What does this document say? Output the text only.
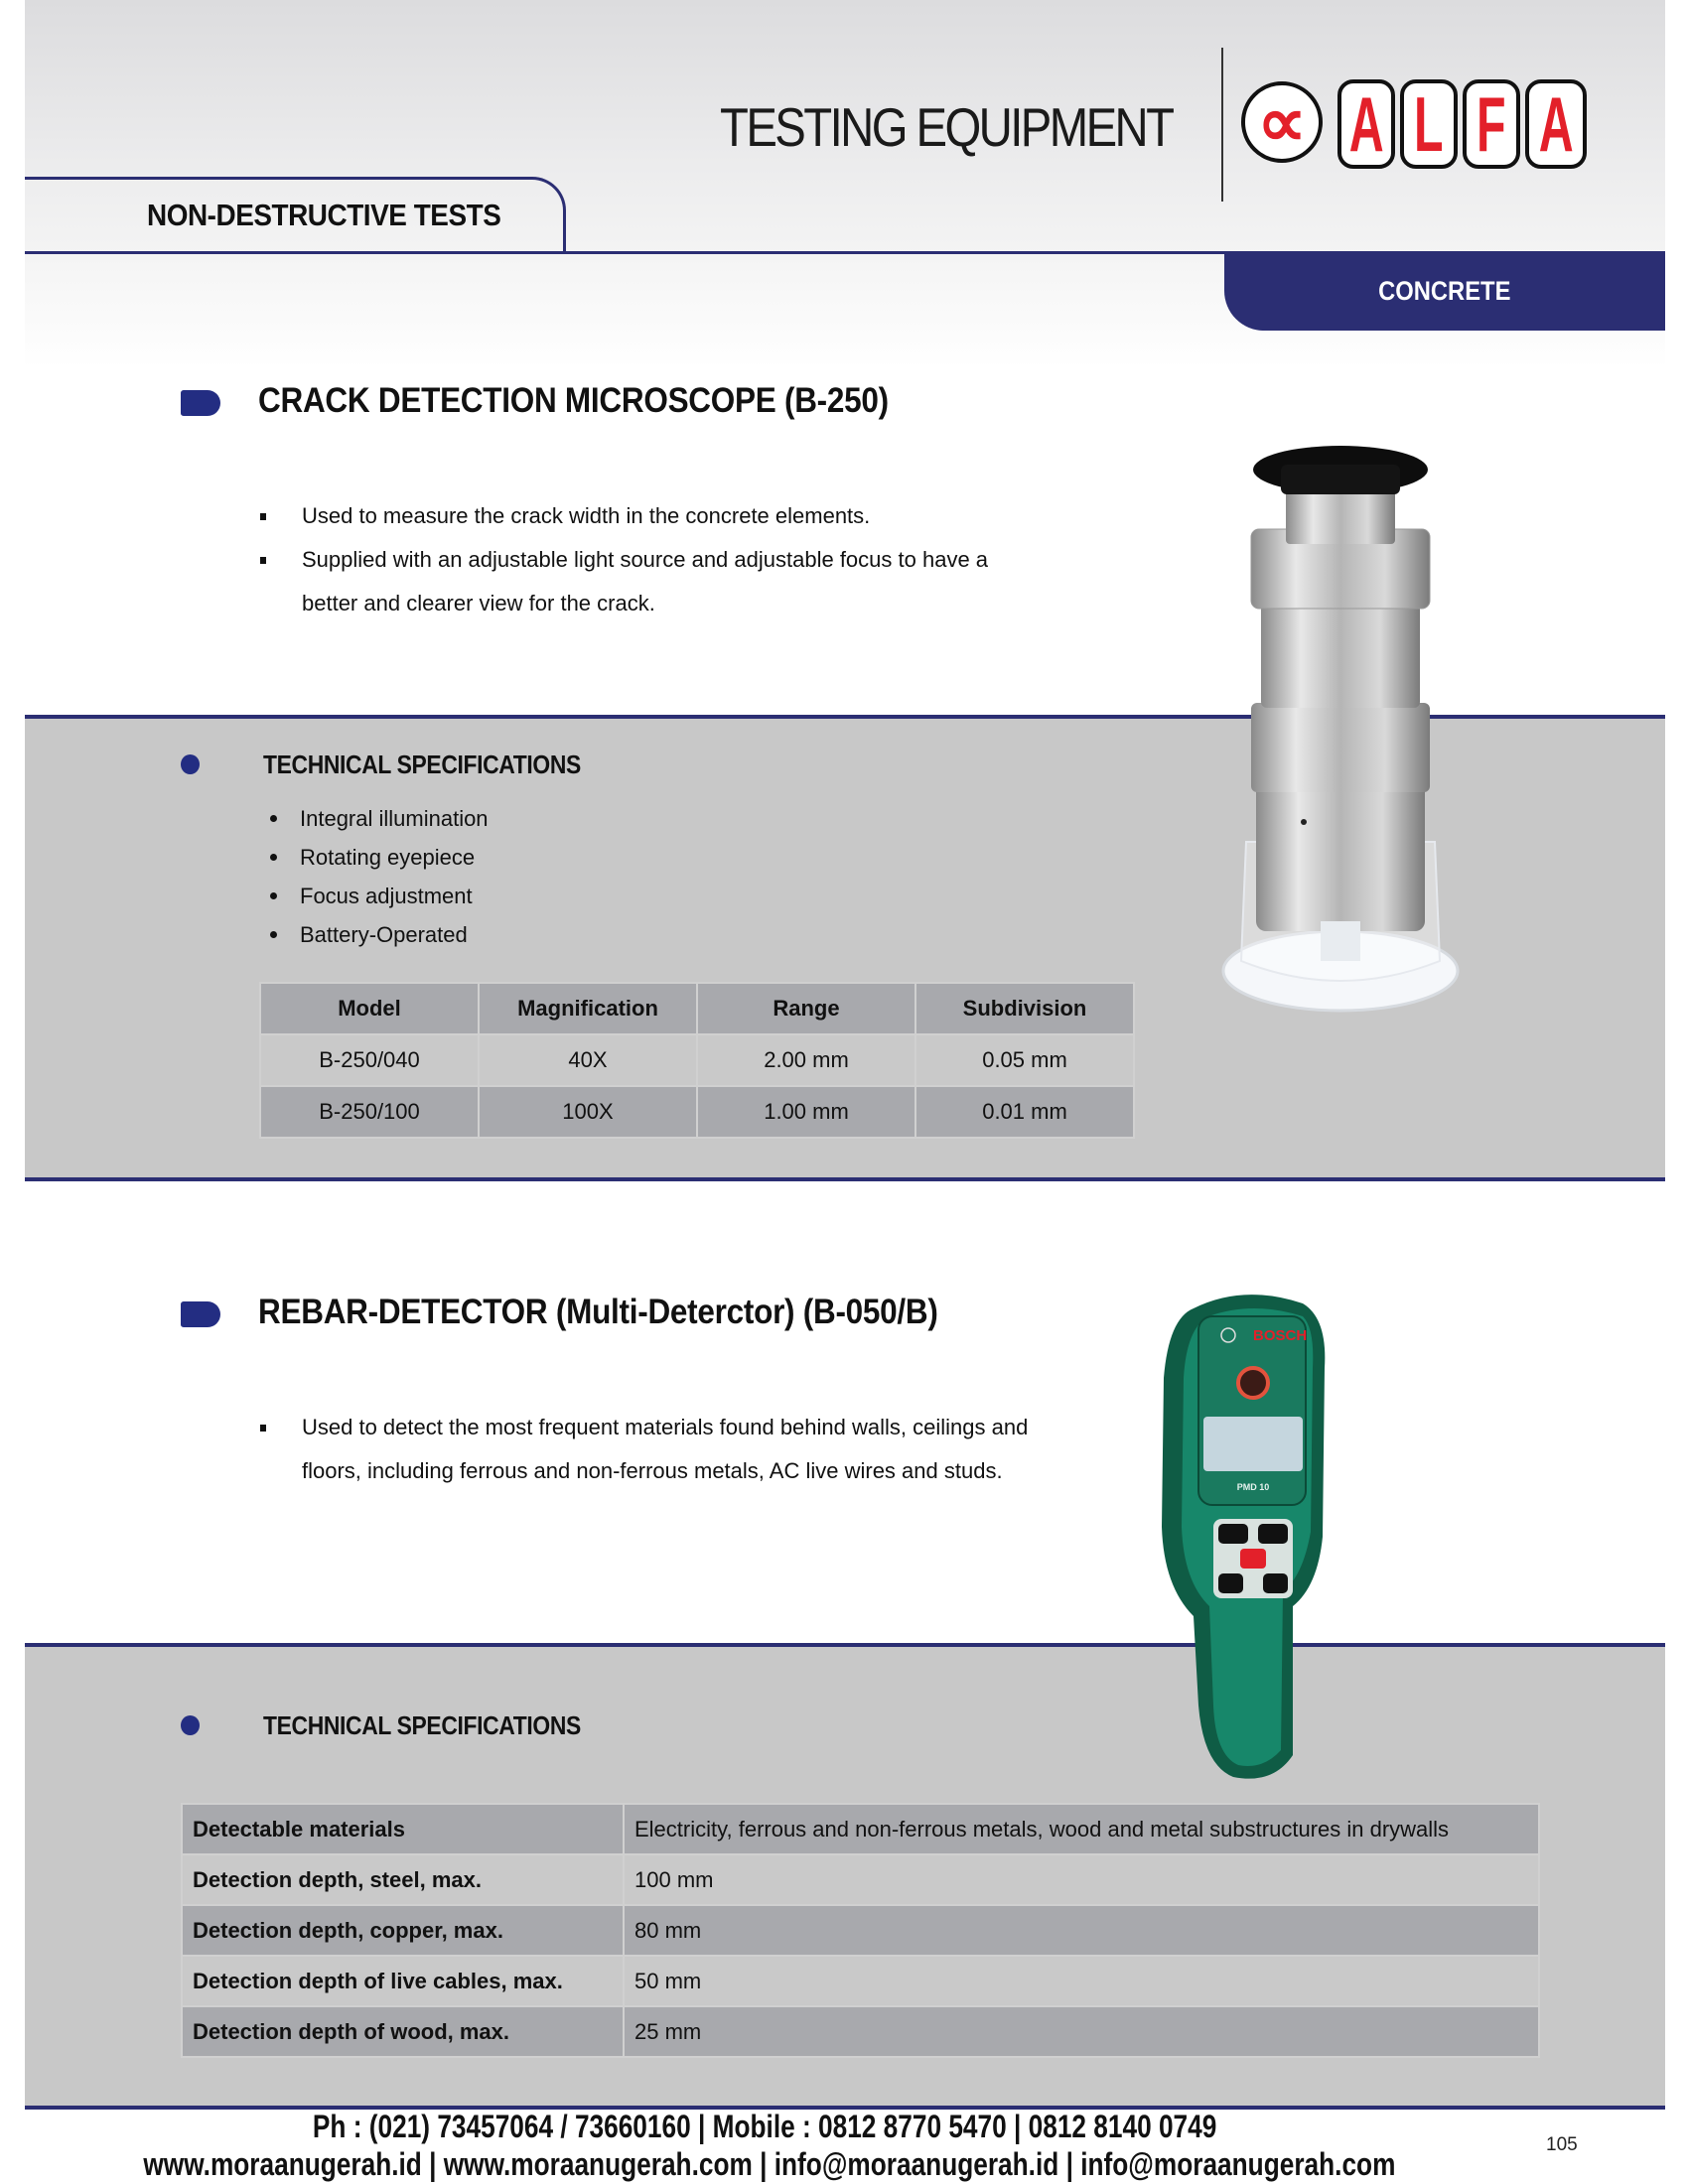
TESTING EQUIPMENT ∝ A L F A
NON-DESTRUCTIVE TESTS
CONCRETE
CRACK DETECTION MICROSCOPE (B-250)
Used to measure the crack width in the concrete elements.
Supplied with an adjustable light source and adjustable focus to have a better and clearer view for the crack.
TECHNICAL SPECIFICATIONS
Integral illumination
Rotating eyepiece
Focus adjustment
Battery-Operated
Model	Magnification	Range	Subdivision
B-250/040	40X	2.00 mm	0.05 mm
B-250/100	100X	1.00 mm	0.01 mm
REBAR-DETECTOR (Multi-Deterctor) (B-050/B)
Used to detect the most frequent materials found behind walls, ceilings and floors, including ferrous and non-ferrous metals, AC live wires and studs.
TECHNICAL SPECIFICATIONS
BOSCH
PMD 10
Detectable materials	Electricity, ferrous and non-ferrous metals, wood and metal substructures in drywalls
Detection depth, steel, max.	100 mm
Detection depth, copper, max.	80 mm
Detection depth of live cables, max.	50 mm
Detection depth of wood, max.	25 mm
Ph : (021) 73457064 / 73660160 | Mobile : 0812 8770 5470 | 0812 8140 0749
www.moraanugerah.id | www.moraanugerah.com | info@moraanugerah.id | info@moraanugerah.com
105
